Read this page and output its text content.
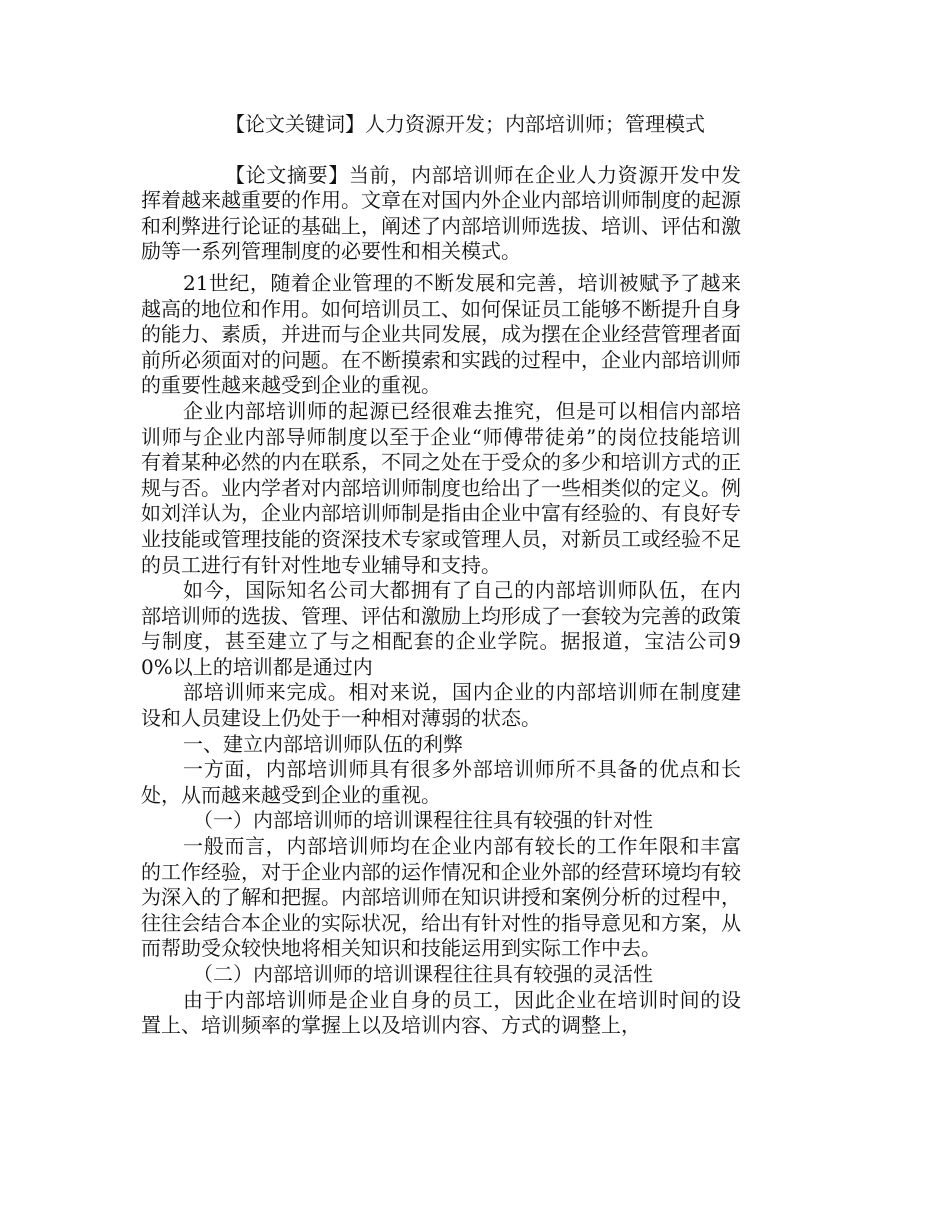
【论文关键词】人力资源开发；内部培训师；管理模式

【论文摘要】当前，内部培训师在企业人力资源开发中发挥着越来越重要的作用。文章在对国内外企业内部培训师制度的起源和利弊进行论证的基础上，阐述了内部培训师选拔、培训、评估和激励等一系列管理制度的必要性和相关模式。

21世纪，随着企业管理的不断发展和完善，培训被赋予了越来越高的地位和作用。如何培训员工、如何保证员工能够不断提升自身的能力、素质，并进而与企业共同发展，成为摆在企业经营管理者面前所必须面对的问题。在不断摸索和实践的过程中，企业内部培训师的重要性越来越受到企业的重视。

企业内部培训师的起源已经很难去推究，但是可以相信内部培训师与企业内部导师制度以至于企业“师傅带徒弟”的岗位技能培训有着某种必然的内在联系，不同之处在于受众的多少和培训方式的正规与否。业内学者对内部培训师制度也给出了一些相类似的定义。例如刘洋认为，企业内部培训师制是指由企业中富有经验的、有良好专业技能或管理技能的资深技术专家或管理人员，对新员工或经验不足的员工进行有针对性地专业辅导和支持。

如今，国际知名公司大都拥有了自己的内部培训师队伍，在内部培训师的选拔、管理、评估和激励上均形成了一套较为完善的政策与制度，甚至建立了与之相配套的企业学院。据报道，宝洁公司90%以上的培训都是通过内

部培训师来完成。相对来说，国内企业的内部培训师在制度建设和人员建设上仍处于一种相对薄弱的状态。

一、建立内部培训师队伍的利弊

一方面，内部培训师具有很多外部培训师所不具备的优点和长处，从而越来越受到企业的重视。

（一）内部培训师的培训课程往往具有较强的针对性

一般而言，内部培训师均在企业内部有较长的工作年限和丰富的工作经验，对于企业内部的运作情况和企业外部的经营环境均有较为深入的了解和把握。内部培训师在知识讲授和案例分析的过程中，往往会结合本企业的实际状况，给出有针对性的指导意见和方案，从而帮助受众较快地将相关知识和技能运用到实际工作中去。

（二）内部培训师的培训课程往往具有较强的灵活性

由于内部培训师是企业自身的员工，因此企业在培训时间的设置上、培训频率的掌握上以及培训内容、方式的调整上，
